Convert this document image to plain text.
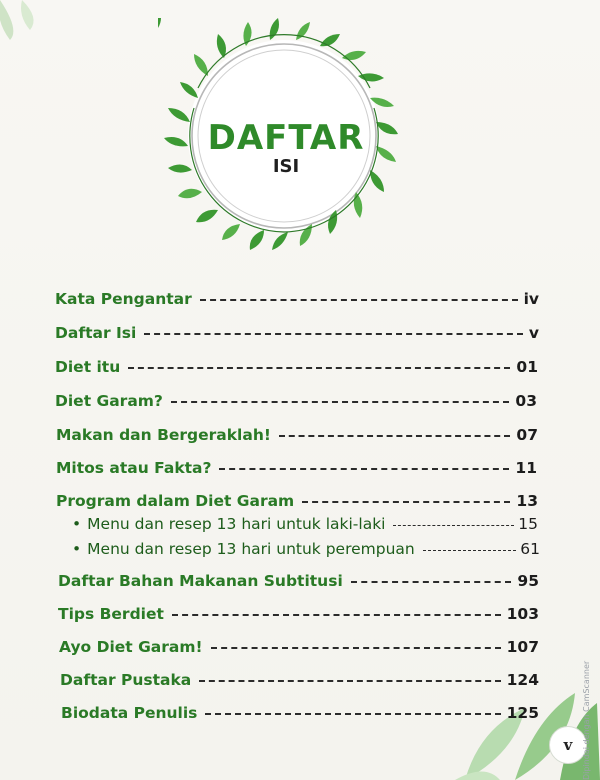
DAFTAR
ISI
Kata Pengantar	iv
Daftar Isi	v
Diet itu	01
Diet Garam?	03
Makan dan Bergeraklah!	07
Mitos atau Fakta?	11
Program dalam Diet Garam	13
• Menu dan resep 13 hari untuk laki-laki	15
• Menu dan resep 13 hari untuk perempuan	61
Daftar Bahan Makanan Subtitusi	95
Tips Berdiet	103
Ayo Diet Garam!	107
Daftar Pustaka	124
Biodata Penulis	125
v	Dipindai dengan CamScanner
